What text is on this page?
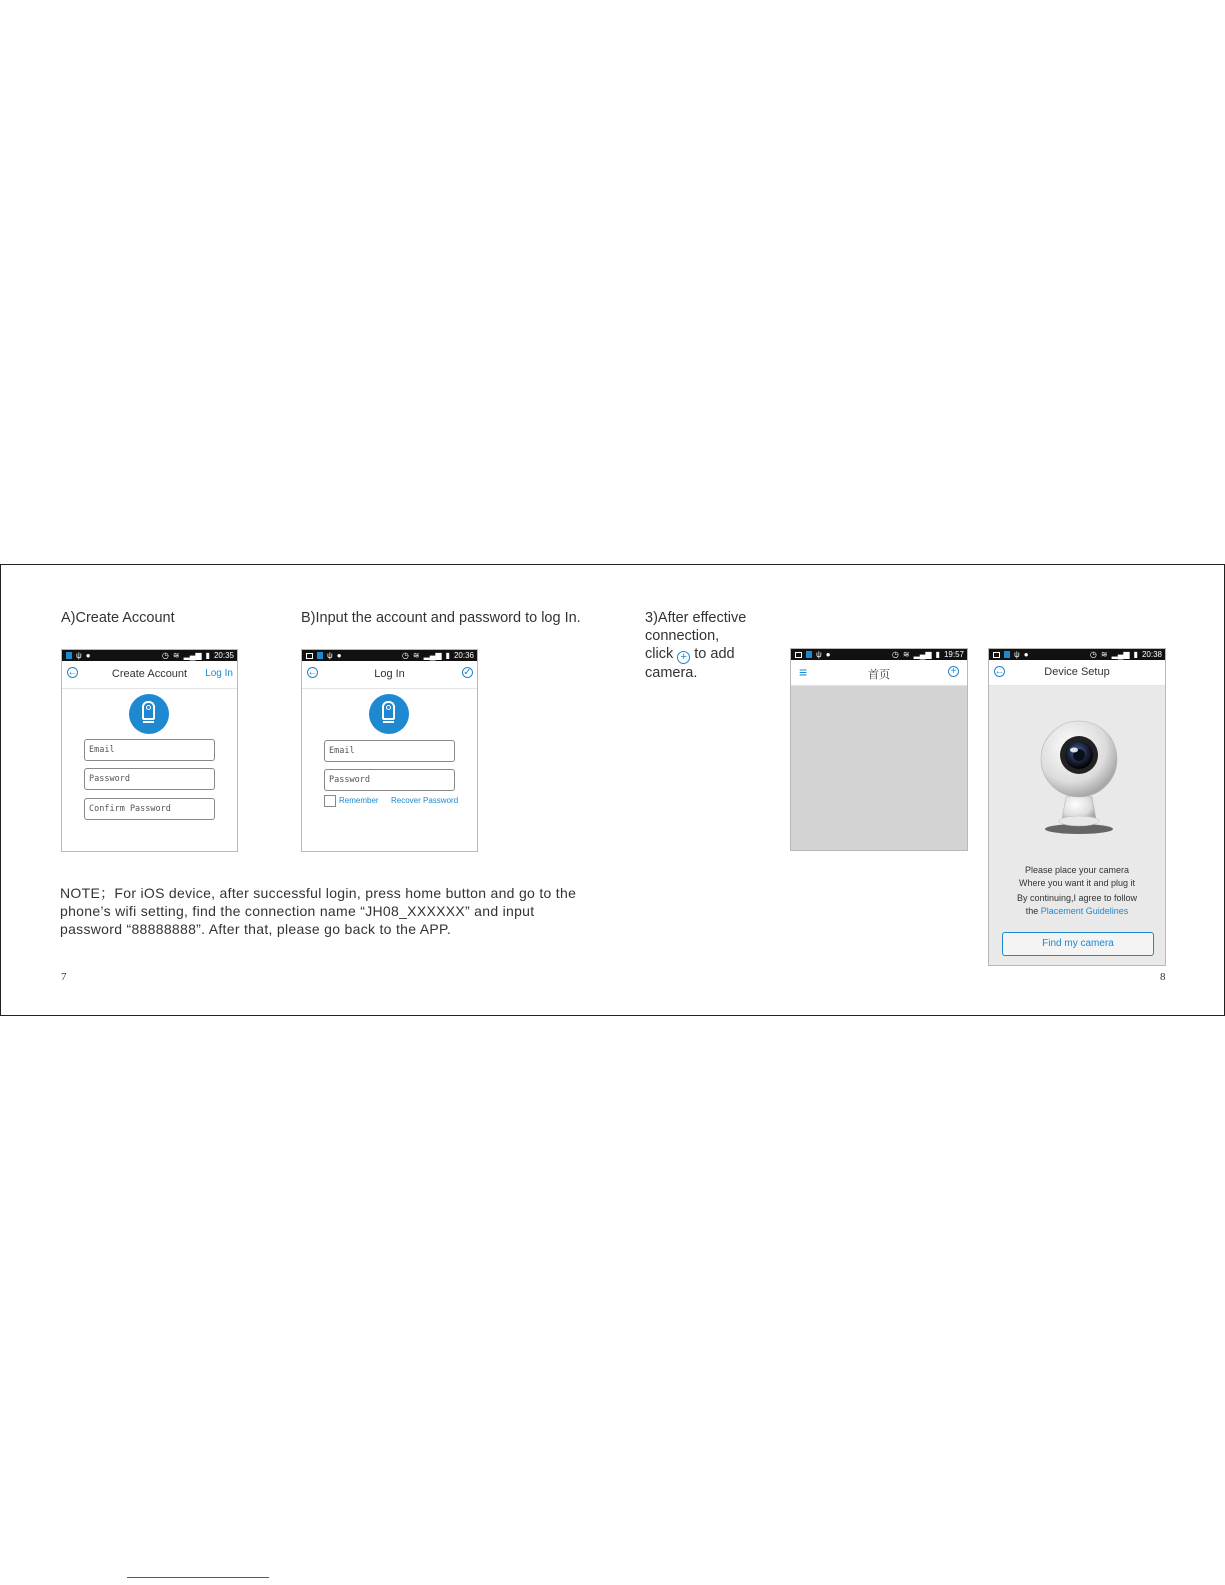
A)Create Account	B)Input the account and password to log In.	3)After effective
connection,
click + to add
camera.
ψ ●	◷ ≋ ▂▄▆ ▮ 20:35
←	Create Account	Log In
Email
Password
Confirm Password
ψ ●	◷ ≋ ▂▄▆ ▮ 20:36
←	Log In	✓
Email
Password
Remember Recover Password
ψ ●	◷ ≋ ▂▄▆ ▮ 19:57
≡	首页	+
ψ ●	◷ ≋ ▂▄▆ ▮ 20:38
←	Device Setup
Please place your camera
Where you want it and plug it
By continuing,I agree to follow
the Placement Guidelines
Find my camera
NOTE；For iOS device, after successful login, press home button and go to the phone’s wifi setting, find the connection name “JH08_XXXXXX” and input password “88888888”. After that, please go back to the APP.
7	8
